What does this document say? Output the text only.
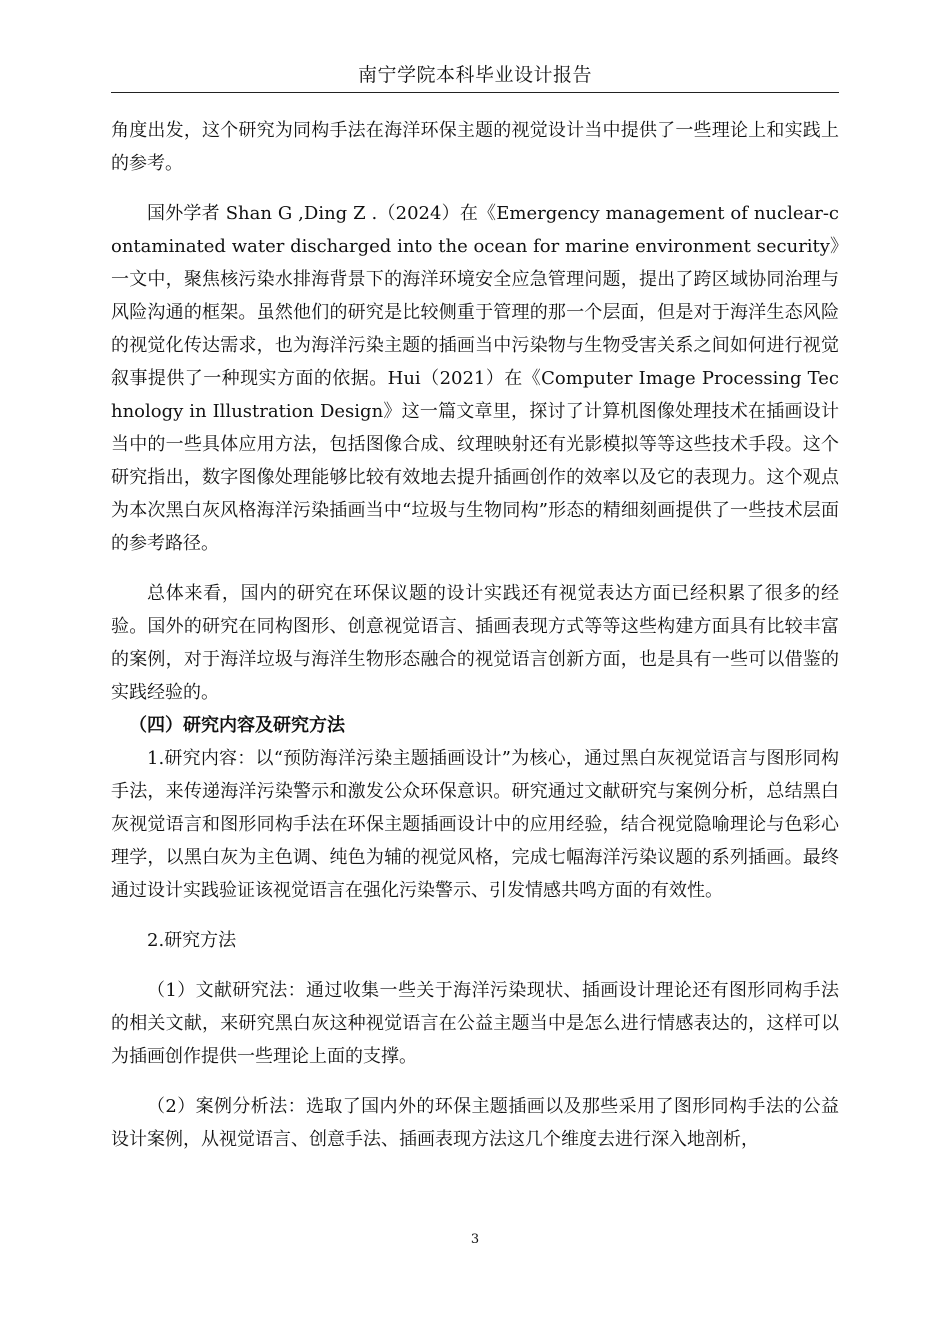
南宁学院本科毕业设计报告

角度出发，这个研究为同构手法在海洋环保主题的视觉设计当中提供了一些理论上和实践上的参考。

国外学者 Shan G ,Ding Z .（2024）在《Emergency management of nuclear-contaminated water discharged into the ocean for marine environment security》一文中，聚焦核污染水排海背景下的海洋环境安全应急管理问题，提出了跨区域协同治理与风险沟通的框架。虽然他们的研究是比较侧重于管理的那一个层面，但是对于海洋生态风险的视觉化传达需求，也为海洋污染主题的插画当中污染物与生物受害关系之间如何进行视觉叙事提供了一种现实方面的依据。Hui（2021）在《Computer Image Processing Technology in Illustration Design》这一篇文章里，探讨了计算机图像处理技术在插画设计当中的一些具体应用方法，包括图像合成、纹理映射还有光影模拟等等这些技术手段。这个研究指出，数字图像处理能够比较有效地去提升插画创作的效率以及它的表现力。这个观点为本次黑白灰风格海洋污染插画当中“垃圾与生物同构”形态的精细刻画提供了一些技术层面的参考路径。

总体来看，国内的研究在环保议题的设计实践还有视觉表达方面已经积累了很多的经验。国外的研究在同构图形、创意视觉语言、插画表现方式等等这些构建方面具有比较丰富的案例，对于海洋垃圾与海洋生物形态融合的视觉语言创新方面，也是具有一些可以借鉴的实践经验的。

（四）研究内容及研究方法

1.研究内容：以“预防海洋污染主题插画设计”为核心，通过黑白灰视觉语言与图形同构手法，来传递海洋污染警示和激发公众环保意识。研究通过文献研究与案例分析，总结黑白灰视觉语言和图形同构手法在环保主题插画设计中的应用经验，结合视觉隐喻理论与色彩心理学，以黑白灰为主色调、纯色为辅的视觉风格，完成七幅海洋污染议题的系列插画。最终通过设计实践验证该视觉语言在强化污染警示、引发情感共鸣方面的有效性。

2.研究方法

（1）文献研究法：通过收集一些关于海洋污染现状、插画设计理论还有图形同构手法的相关文献，来研究黑白灰这种视觉语言在公益主题当中是怎么进行情感表达的，这样可以为插画创作提供一些理论上面的支撑。

（2）案例分析法：选取了国内外的环保主题插画以及那些采用了图形同构手法的公益设计案例，从视觉语言、创意手法、插画表现方法这几个维度去进行深入地剖析，

3
